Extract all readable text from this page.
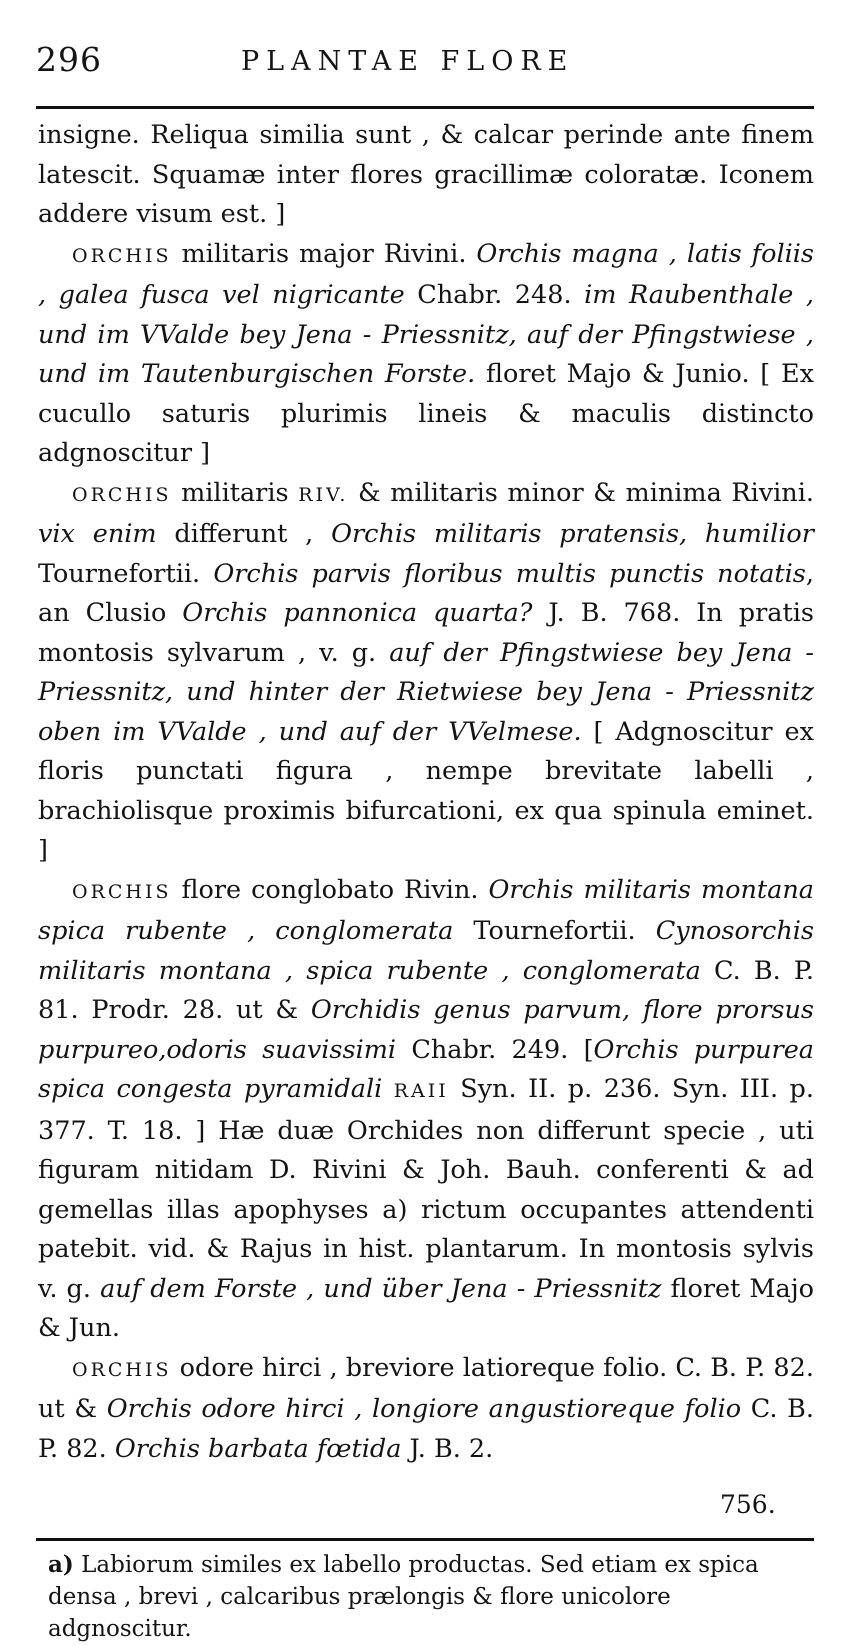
296	PLANTAE FLORE

insigne. Reliqua similia sunt , & calcar perinde ante finem latescit. Squamæ inter flores gracillimæ coloratæ. Iconem addere visum est. ]

ORCHIS militaris major Rivini. Orchis magna , latis foliis , galea fusca vel nigricante Chabr. 248. im Raubenthale , und im VValde bey Jena - Priessnitz, auf der Pfingstwiese , und im Tautenburgischen Forste. floret Majo & Junio. [ Ex cucullo saturis plurimis lineis & maculis distincto adgnoscitur ]

ORCHIS militaris RIV. & militaris minor & minima Rivini. vix enim differunt , Orchis militaris pratensis, humilior Tournefortii. Orchis parvis floribus multis punctis notatis, an Clusio Orchis pannonica quarta? J. B. 768. In pratis montosis sylvarum , v. g. auf der Pfingstwiese bey Jena - Priessnitz, und hinter der Rietwiese bey Jena - Priessnitz oben im VValde , und auf der VVelmese. [ Adgnoscitur ex floris punctati figura , nempe brevitate labelli , brachiolisque proximis bifurcationi, ex qua spinula eminet. ]

ORCHIS flore conglobato Rivin. Orchis militaris montana spica rubente , conglomerata Tournefortii. Cynosorchis militaris montana , spica rubente , conglomerata C. B. P. 81. Prodr. 28. ut & Orchidis genus parvum, flore prorsus purpureo,odoris suavissimi Chabr. 249. [Orchis purpurea spica congesta pyramidali RAII Syn. II. p. 236. Syn. III. p. 377. T. 18. ] Hæ duæ Orchides non differunt specie , uti figuram nitidam D. Rivini & Joh. Bauh. conferenti & ad gemellas illas apophyses a) rictum occupantes attendenti patebit. vid. & Rajus in hist. plantarum. In montosis sylvis v. g. auf dem Forste , und über Jena - Priessnitz floret Majo & Jun.

ORCHIS odore hirci , breviore latioreque folio. C. B. P. 82. ut & Orchis odore hirci , longiore angustioreque folio C. B. P. 82. Orchis barbata fœtida J. B. 2.

756.
a) Labiorum similes ex labello productas. Sed etiam ex spica densa , brevi , calcaribus prælongis & flore unicolore adgnoscitur.
